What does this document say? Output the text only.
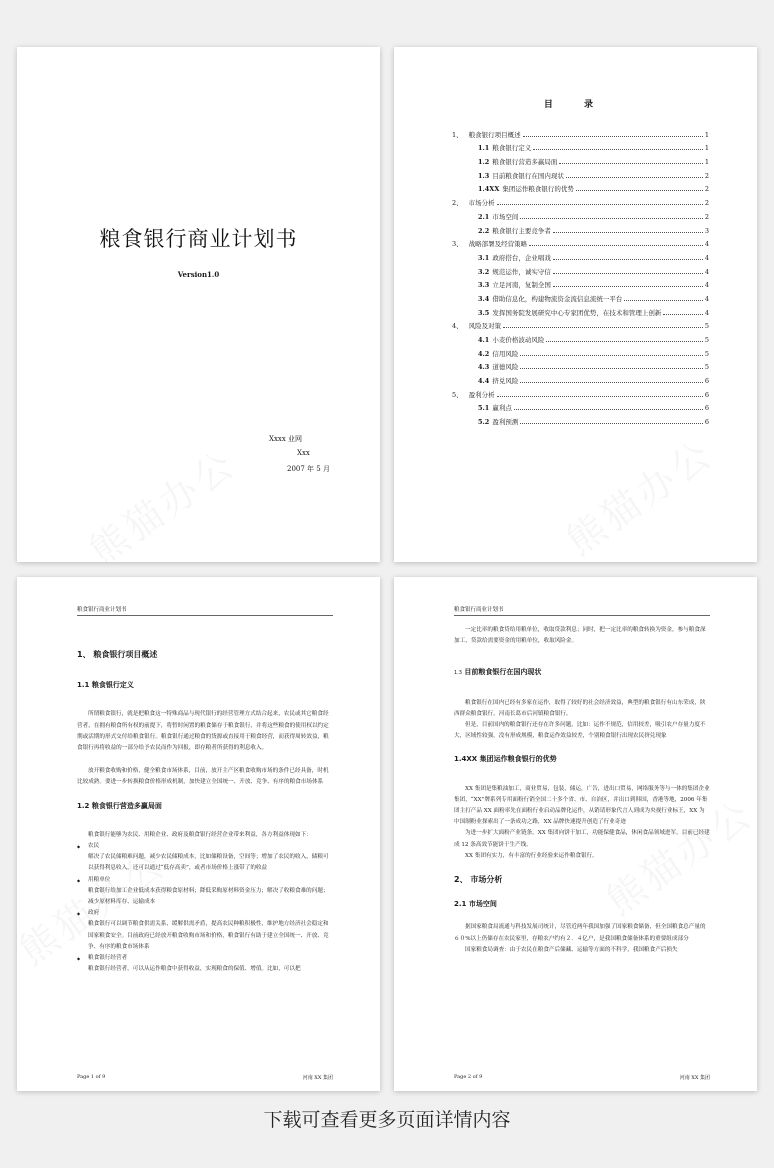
粮食银行商业计划书
Version1.0
Xxxx 业网
Xxx
2007 年 5 月
目 录
1、 粮食银行项目概述	1
1.1 粮食银行定义	1
1.2 粮食银行营造多赢局面	1
1.3 目前粮食银行在国内现状	2
1.4XX 集团运作粮食银行的优势	2
2、 市场分析	2
2.1 市场空间	2
2.2 粮食银行主要竞争者	3
3、 战略部署及经营策略	4
3.1 政府搭台，企业唱戏	4
3.2 规范运作，诚实守信	4
3.3 立足河南，复制全国	4
3.4 借助信息化，构建物流资金流信息流统一平台	4
3.5 发挥国务院发展研究中心专家团优势，在技术和管理上创新	4
4、 风险及对策	5
4.1 小麦价格波动风险	5
4.2 信用风险	5
4.3 道德风险	5
4.4 挤兑风险	6
5、 盈利分析	6
5.1 赢利点	6
5.2 盈利预测	6
粮食银行商业计划书
1、 粮食银行项目概述
1.1 粮食银行定义
所谓粮食银行，就是把粮食这一特殊商品与现代银行的经营管理方式结合起来，农民或其它粮食经营者，在拥有粮食所有权的前提下，将暂时闲置的粮食储存于粮食银行，并将这些粮食的使用权以约定期或活期的形式交付给粮食银行。粮食银行通过粮食的货源或直接用于粮食经营，而获得周转效益，粮食银行再将收益的一部分给予农民而作为回报，即存粮者所获得的利息收入。
放开粮食收购和价格，健全粮食市场体系，目前，放开主产区粮食收购市场的条件已经具备，时机比较成熟。要进一步转换粮食价格形成机制，加快建立全国统一、开放、竞争、有序的粮食市场体系
1.2 粮食银行营造多赢局面
粮食银行能够为农民、用粮企业、政府及粮食银行经营企业带来利益，各方利益体现如下：
◆	农民
解决了农民储粮难问题，减少农民储粮成本，比如储粮设备，空间等；增加了农民的收入，储粮可以获得利息收入，还可以通过“低存高卖”，或者市场价格上涨带了的收益
◆	用粮单位
粮食银行给加工企业低成本获得粮食原材料；降低采购原材料资金压力；解决了收粮食难的问题；减少原材料库存、运输成本
◆	政府
粮食银行可以调节粮食供需关系，缓解供需矛盾，提高农民种粮积极性，维护地方经济社会稳定和国家粮食安全。目前政府已经放开粮食收购市场和价格，粮食银行有助于建立全国统一、开放、竞争、有序的粮食市场体系
◆	粮食银行经营者
粮食银行经营者，可以从运作粮食中获得收益，实现粮食的保值、增值。比如，可以把
Page 1 of 9	河南 XX 集团
粮食银行商业计划书
一定比率的粮食贷给用粮单位，收取贷款利息；同时，把一定比率的粮食转换为资金，参与粮食深加工，贷款给需要资金的用粮单位，收取风险金。
1.3 目前粮食银行在国内现状
粮食银行在国内已经有多家在运作，取得了较好的社会经济效益，典型的粮食银行有山东荣成，陕西群众粮食银行，河南长葛市后河镇粮食银行。
但是，目前国内的粮食银行还存在许多问题，比如：运作不规范，信用较差，吸引农户存量力度不大，区域性较强，没有形成规模，粮食运作效益较差，个别粮食银行出现农民挤兑现象
1.4XX 集团运作粮食银行的优势
XX 集团是集粮油加工，商业贸易，包装，储运，广告，进出口贸易，网络服务等与一体的集团企业集团，“XX”牌系列专用面粉行销全国二十多个省、市、自治区，并出口到韩国，香港等地，2006 年集团主打产品 XX 面粉率先在面粉行业启动品牌化运作，从销请形象代言人到成为央视行业标王，XX 为中国制粉业探索出了一条成功之路，XX 品牌快速提升创造了行业奇迹
为进一步扩大面粉产业链条，XX 集团向饼干加工，功能保健食品，休闲食品领域进军，目前已经建成 12 条高效节能饼干生产线。
XX 集团有实力，有丰富的行业经验来运作粮食银行。
2、 市场分析
2.1 市场空间
据国家粮食局流通与科技发展司统计，尽管近两年我国加强了国家粮食储备，但全国粮食总产量的６０%以上仍储存在农民家里，存粮农户约有２．４亿户，是我国粮食储备体系的重要组成部分
国家粮食局调查：由于农民在粮食产后储藏、运输等方面的不科学，我国粮食产后损失
Page 2 of 9	河南 XX 集团
下载可查看更多页面详情内容
